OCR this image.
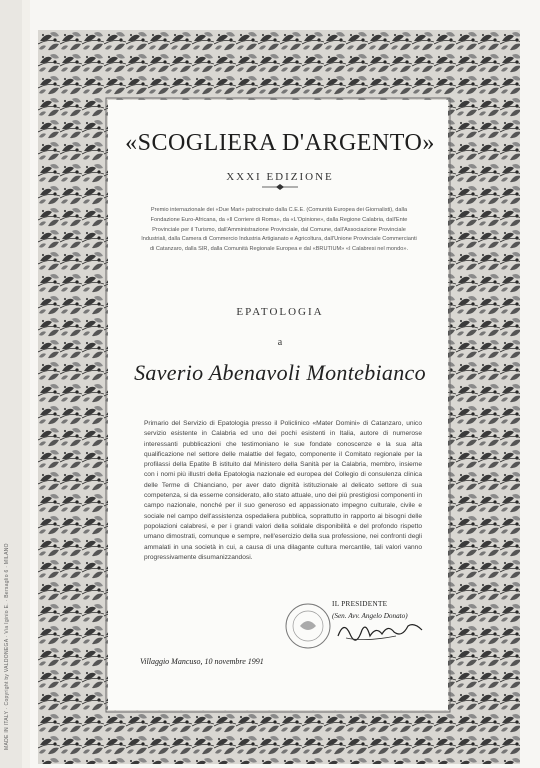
MADE IN ITALY · Copyright by VALDONEGA · Via Iginio E. · Bersaglio 6 · MILANO
«SCOGLIERA D'ARGENTO»
XXXI EDIZIONE
Premio internazionale dei «Due Mari» patrocinato dalla C.E.E. (Comunità Europea dei Giornalisti), dalla Fondazione Euro-Africana, da «Il Corriere di Roma», da «L'Opinione», dalla Regione Calabria, dall'Ente Provinciale per il Turismo, dall'Amministrazione Provinciale, dal Comune, dall'Associazione Provinciale Industriali, dalla Camera di Commercio Industria Artigianato e Agricoltura, dall'Unione Provinciale Commercianti di Catanzaro, dalla SIR, dalla Comunità Regionale Europea e dal «BRUTIUM» «I Calabresi nel mondo».
EPATOLOGIA
a
Saverio Abenavoli Montebianco
Primario del Servizio di Epatologia presso il Policlinico «Mater Domini» di Catanzaro, unico servizio esistente in Calabria ed uno dei pochi esistenti in Italia, autore di numerose interessanti pubblicazioni che testimoniano le sue fondate conoscenze e la sua alta qualificazione nel settore delle malattie del fegato, componente il Comitato regionale per la profilassi della Epatite B istituito dal Ministero della Sanità per la Calabria, membro, insieme con i nomi più illustri della Epatologia nazionale ed europea del Collegio di consulenza clinica delle Terme di Chianciano, per aver dato dignità istituzionale al delicato settore di sua competenza, si da esserne considerato, allo stato attuale, uno dei più prestigiosi componenti in campo nazionale, nonché per il suo generoso ed appassionato impegno culturale, civile e sociale nel campo dell'assistenza ospedaliera pubblica, soprattutto in rapporto ai bisogni delle popolazioni calabresi, e per i grandi valori della solidale disponibilità e del profondo rispetto umano dimostrati, comunque e sempre, nell'esercizio della sua professione, nei confronti degli ammalati in una società in cui, a causa di una dilagante cultura mercantile, tali valori vanno progressivamente disumanizzandosi.
IL PRESIDENTE
(Sen. Avv. Angelo Donato)
Villaggio Mancuso, 10 novembre 1991
